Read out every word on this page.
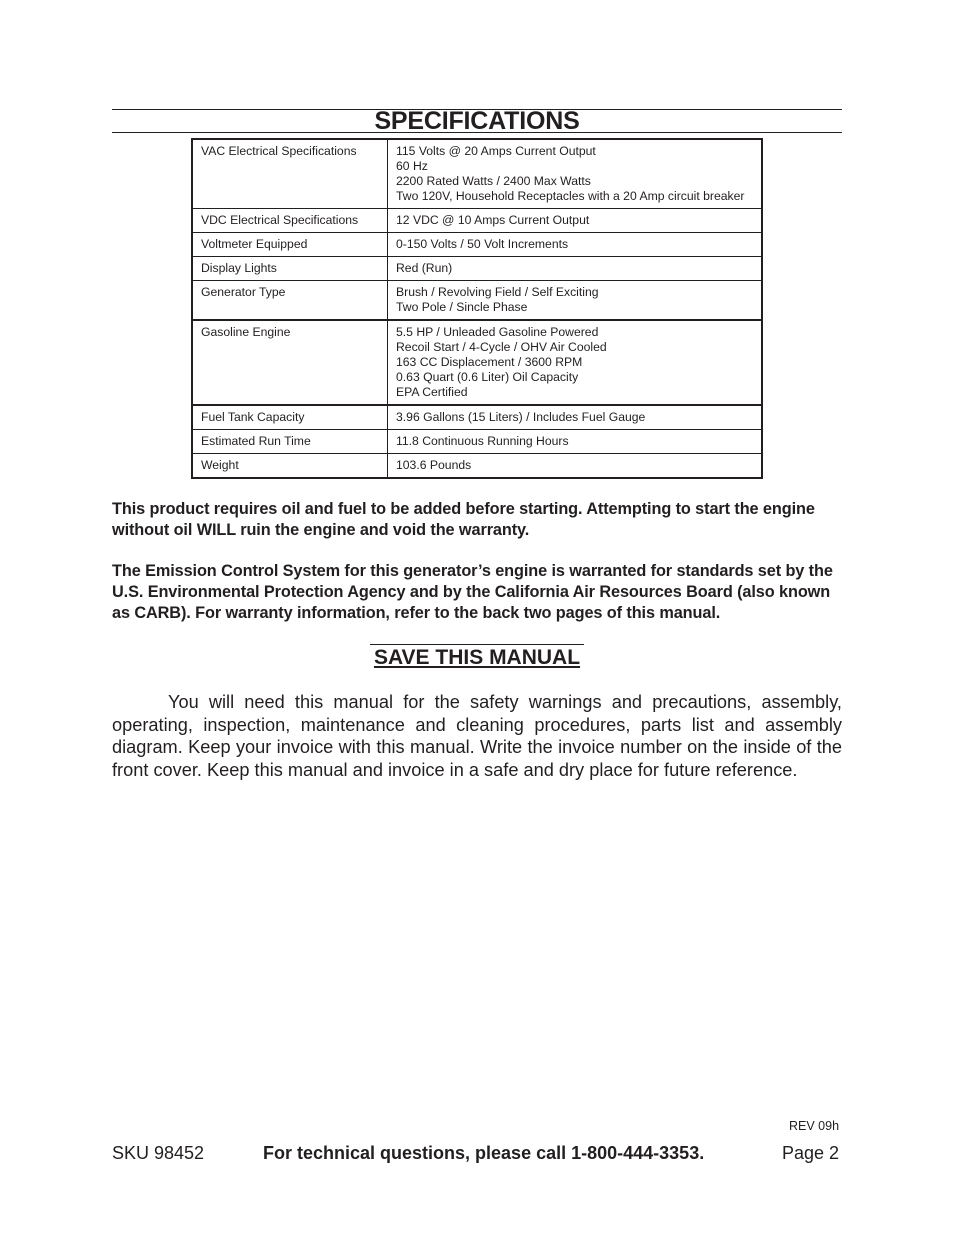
SPECIFICATIONS
VAC Electrical Specifications	115 Volts @ 20 Amps Current Output
60 Hz
2200 Rated Watts / 2400 Max Watts
Two 120V, Household Receptacles with a 20 Amp circuit breaker

VDC Electrical Specifications	12 VDC @ 10 Amps Current Output

Voltmeter Equipped	0-150 Volts / 50 Volt Increments

Display Lights	Red (Run)

Generator Type	Brush / Revolving Field / Self Exciting
Two Pole / Sincle Phase

Gasoline Engine	5.5 HP / Unleaded Gasoline Powered
Recoil Start / 4-Cycle / OHV Air Cooled
163 CC Displacement / 3600 RPM
0.63 Quart (0.6 Liter) Oil Capacity
EPA Certified

Fuel Tank Capacity	3.96 Gallons (15 Liters) / Includes Fuel Gauge

Estimated Run Time	11.8 Continuous Running Hours

Weight	103.6 Pounds
This product requires oil and fuel to be added before starting. Attempting to start the engine without oil WILL ruin the engine and void the warranty.
The Emission Control System for this generator’s engine is warranted for standards set by the U.S. Environmental Protection Agency and by the California Air Resources Board (also known as CARB). For warranty information, refer to the back two pages of this manual.
SAVE THIS MANUAL
You will need this manual for the safety warnings and precautions, assembly, operating, inspection, maintenance and cleaning procedures, parts list and assembly diagram. Keep your invoice with this manual. Write the invoice number on the inside of the front cover. Keep this manual and invoice in a safe and dry place for future reference.
REV 09h
SKU 98452	For technical questions, please call 1-800-444-3353.	Page 2
